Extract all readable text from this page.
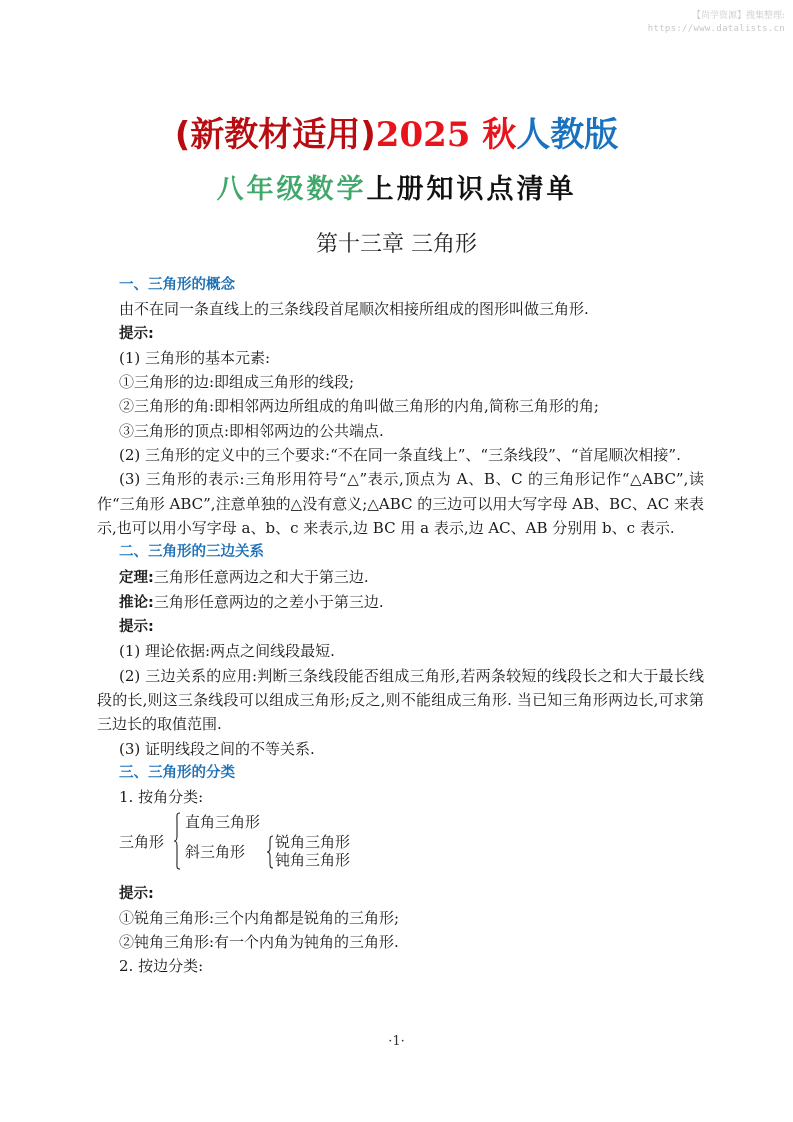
【尚学资源】搜集整理:
https://www.datalists.cn
(新教材适用)2025 秋人教版
八年级数学上册知识点清单
第十三章 三角形
一、三角形的概念
由不在同一条直线上的三条线段首尾顺次相接所组成的图形叫做三角形.
提示:
(1) 三角形的基本元素:
①三角形的边:即组成三角形的线段;
②三角形的角:即相邻两边所组成的角叫做三角形的内角,简称三角形的角;
③三角形的顶点:即相邻两边的公共端点.
(2) 三角形的定义中的三个要求:“不在同一条直线上”、“三条线段”、“首尾顺次相接”.
(3) 三角形的表示:三角形用符号“△”表示,顶点为 A、B、C 的三角形记作“△ABC”,读作“三角形 ABC”,注意单独的△没有意义;△ABC 的三边可以用大写字母 AB、BC、AC 来表示,也可以用小写字母 a、b、c 来表示,边 BC 用 a 表示,边 AC、AB 分别用 b、c 表示.
二、三角形的三边关系
定理:三角形任意两边之和大于第三边.
推论:三角形任意两边的之差小于第三边.
提示:
(1) 理论依据:两点之间线段最短.
(2) 三边关系的应用:判断三条线段能否组成三角形,若两条较短的线段长之和大于最长线段的长,则这三条线段可以组成三角形;反之,则不能组成三角形. 当已知三角形两边长,可求第三边长的取值范围.
(3) 证明线段之间的不等关系.
三、三角形的分类
1. 按角分类:
三角形
直角三角形
斜三角形
锐角三角形
钝角三角形
提示:
①锐角三角形:三个内角都是锐角的三角形;
②钝角三角形:有一个内角为钝角的三角形.
2. 按边分类:
·1·
